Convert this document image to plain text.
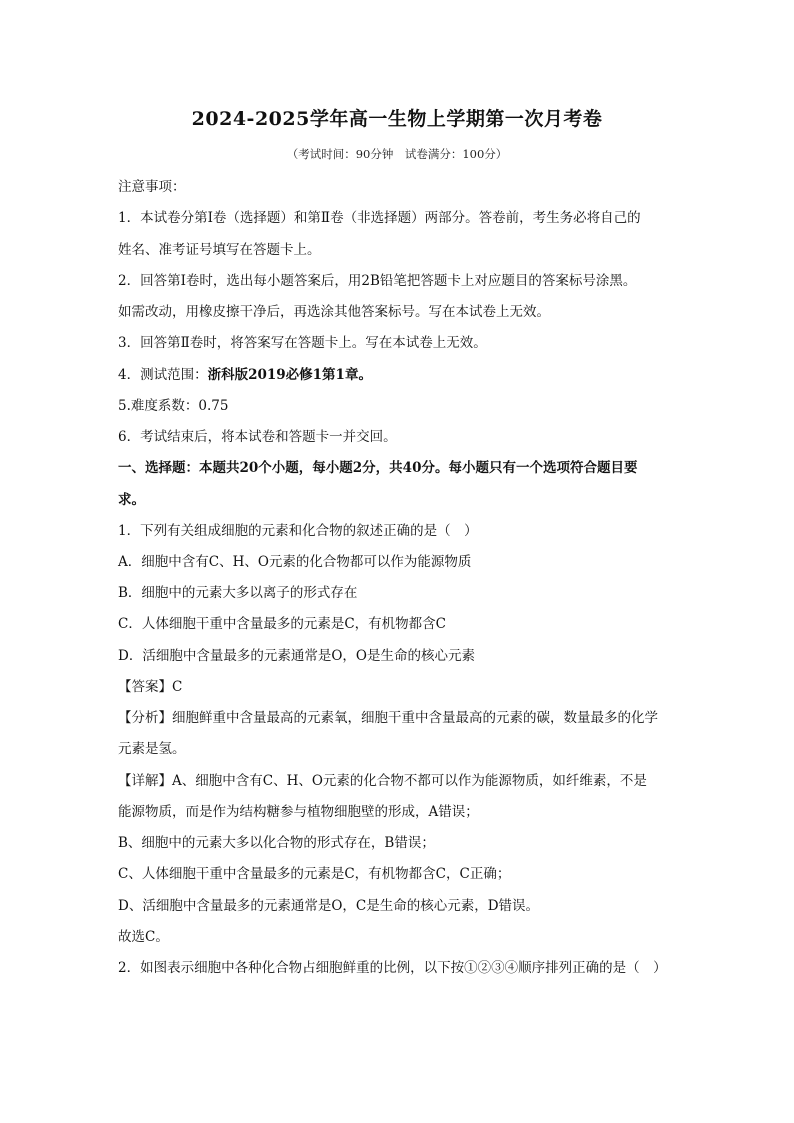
2024-2025学年高一生物上学期第一次月考卷
（考试时间：90分钟　试卷满分：100分）
注意事项：
1．本试卷分第Ⅰ卷（选择题）和第Ⅱ卷（非选择题）两部分。答卷前，考生务必将自己的
姓名、准考证号填写在答题卡上。
2．回答第Ⅰ卷时，选出每小题答案后，用2B铅笔把答题卡上对应题目的答案标号涂黑。
如需改动，用橡皮擦干净后，再选涂其他答案标号。写在本试卷上无效。
3．回答第Ⅱ卷时，将答案写在答题卡上。写在本试卷上无效。
4．测试范围：浙科版2019必修1第1章。
5.难度系数：0.75
6．考试结束后，将本试卷和答题卡一并交回。
一、选择题：本题共20个小题，每小题2分，共40分。每小题只有一个选项符合题目要
求。
1．下列有关组成细胞的元素和化合物的叙述正确的是（　）
A．细胞中含有C、H、O元素的化合物都可以作为能源物质
B．细胞中的元素大多以离子的形式存在
C．人体细胞干重中含量最多的元素是C，有机物都含C
D．活细胞中含量最多的元素通常是O，O是生命的核心元素
【答案】C
【分析】细胞鲜重中含量最高的元素氧，细胞干重中含量最高的元素的碳，数量最多的化学
元素是氢。
【详解】A、细胞中含有C、H、O元素的化合物不都可以作为能源物质，如纤维素，不是
能源物质，而是作为结构糖参与植物细胞壁的形成，A错误；
B、细胞中的元素大多以化合物的形式存在，B错误；
C、人体细胞干重中含量最多的元素是C，有机物都含C，C正确；
D、活细胞中含量最多的元素通常是O，C是生命的核心元素，D错误。
故选C。
2．如图表示细胞中各种化合物占细胞鲜重的比例，以下按①②③④顺序排列正确的是（　）
